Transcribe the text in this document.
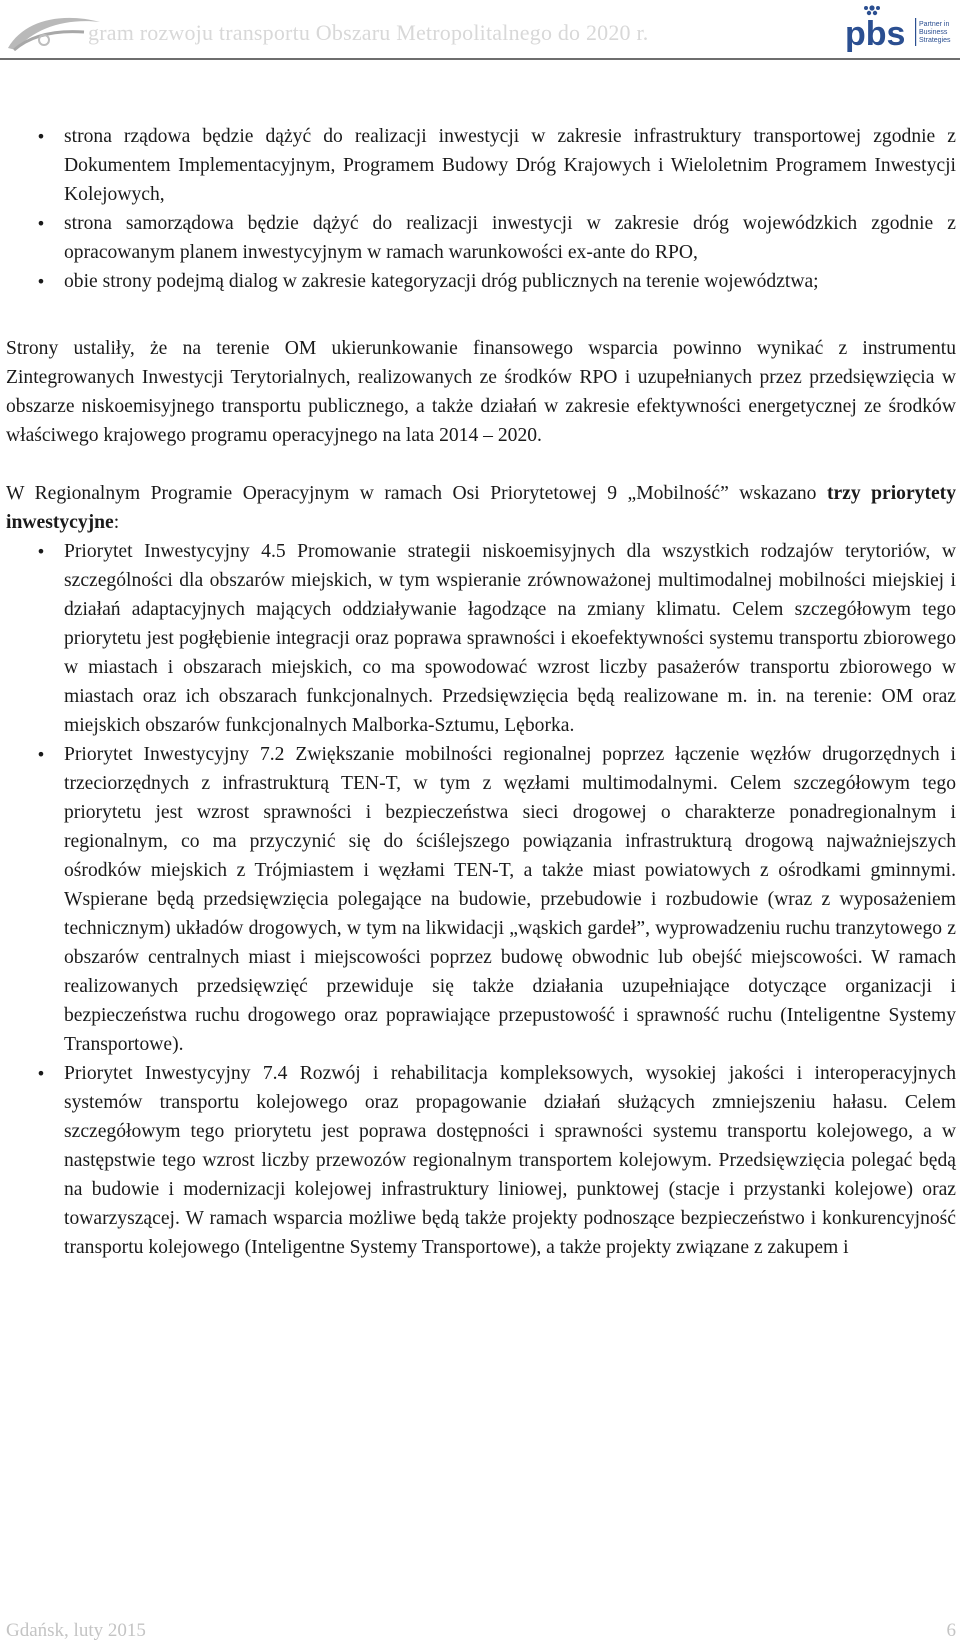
gram rozwoju transportu Obszaru Metropolitalnego do 2020 r.	pbs Partner in
Business
Strategies
• strona rządowa będzie dążyć do realizacji inwestycji w zakresie infrastruktury transportowej zgodnie z Dokumentem Implementacyjnym, Programem Budowy Dróg Krajowych i Wieloletnim Programem Inwestycji Kolejowych,
• strona samorządowa będzie dążyć do realizacji inwestycji w zakresie dróg wojewódzkich zgodnie z opracowanym planem inwestycyjnym w ramach warunkowości ex-ante do RPO,
• obie strony podejmą dialog w zakresie kategoryzacji dróg publicznych na terenie województwa;

Strony ustaliły, że na terenie OM ukierunkowanie finansowego wsparcia powinno wynikać z instrumentu Zintegrowanych Inwestycji Terytorialnych, realizowanych ze środków RPO i uzupełnianych przez przedsięwzięcia w obszarze niskoemisyjnego transportu publicznego, a także działań w zakresie efektywności energetycznej ze środków właściwego krajowego programu operacyjnego na lata 2014 – 2020.

W Regionalnym Programie Operacyjnym w ramach Osi Priorytetowej 9 „Mobilność” wskazano trzy priorytety inwestycyjne:

• Priorytet Inwestycyjny 4.5 Promowanie strategii niskoemisyjnych dla wszystkich rodzajów terytoriów, w szczególności dla obszarów miejskich, w tym wspieranie zrównoważonej multimodalnej mobilności miejskiej i działań adaptacyjnych mających oddziaływanie łagodzące na zmiany klimatu. Celem szczegółowym tego priorytetu jest pogłębienie integracji oraz poprawa sprawności i ekoefektywności systemu transportu zbiorowego w miastach i obszarach miejskich, co ma spowodować wzrost liczby pasażerów transportu zbiorowego w miastach oraz ich obszarach funkcjonalnych. Przedsięwzięcia będą realizowane m. in. na terenie: OM oraz miejskich obszarów funkcjonalnych Malborka-Sztumu, Lęborka.
• Priorytet Inwestycyjny 7.2 Zwiększanie mobilności regionalnej poprzez łączenie węzłów drugorzędnych i trzeciorzędnych z infrastrukturą TEN-T, w tym z węzłami multimodalnymi. Celem szczegółowym tego priorytetu jest wzrost sprawności i bezpieczeństwa sieci drogowej o charakterze ponadregionalnym i regionalnym, co ma przyczynić się do ściślejszego powiązania infrastrukturą drogową najważniejszych ośrodków miejskich z Trójmiastem i węzłami TEN-T, a także miast powiatowych z ośrodkami gminnymi. Wspierane będą przedsięwzięcia polegające na budowie, przebudowie i rozbudowie (wraz z wyposażeniem technicznym) układów drogowych, w tym na likwidacji „wąskich gardeł”, wyprowadzeniu ruchu tranzytowego z obszarów centralnych miast i miejscowości poprzez budowę obwodnic lub obejść miejscowości. W ramach realizowanych przedsięwzięć przewiduje się także działania uzupełniające dotyczące organizacji i bezpieczeństwa ruchu drogowego oraz poprawiające przepustowość i sprawność ruchu (Inteligentne Systemy Transportowe).
• Priorytet Inwestycyjny 7.4 Rozwój i rehabilitacja kompleksowych, wysokiej jakości i interoperacyjnych systemów transportu kolejowego oraz propagowanie działań służących zmniejszeniu hałasu. Celem szczegółowym tego priorytetu jest poprawa dostępności i sprawności systemu transportu kolejowego, a w następstwie tego wzrost liczby przewozów regionalnym transportem kolejowym. Przedsięwzięcia polegać będą na budowie i modernizacji kolejowej infrastruktury liniowej, punktowej (stacje i przystanki kolejowe) oraz towarzyszącej. W ramach wsparcia możliwe będą także projekty podnoszące bezpieczeństwo i konkurencyjność transportu kolejowego (Inteligentne Systemy Transportowe), a także projekty związane z zakupem i
Gdańsk, luty 2015	6
